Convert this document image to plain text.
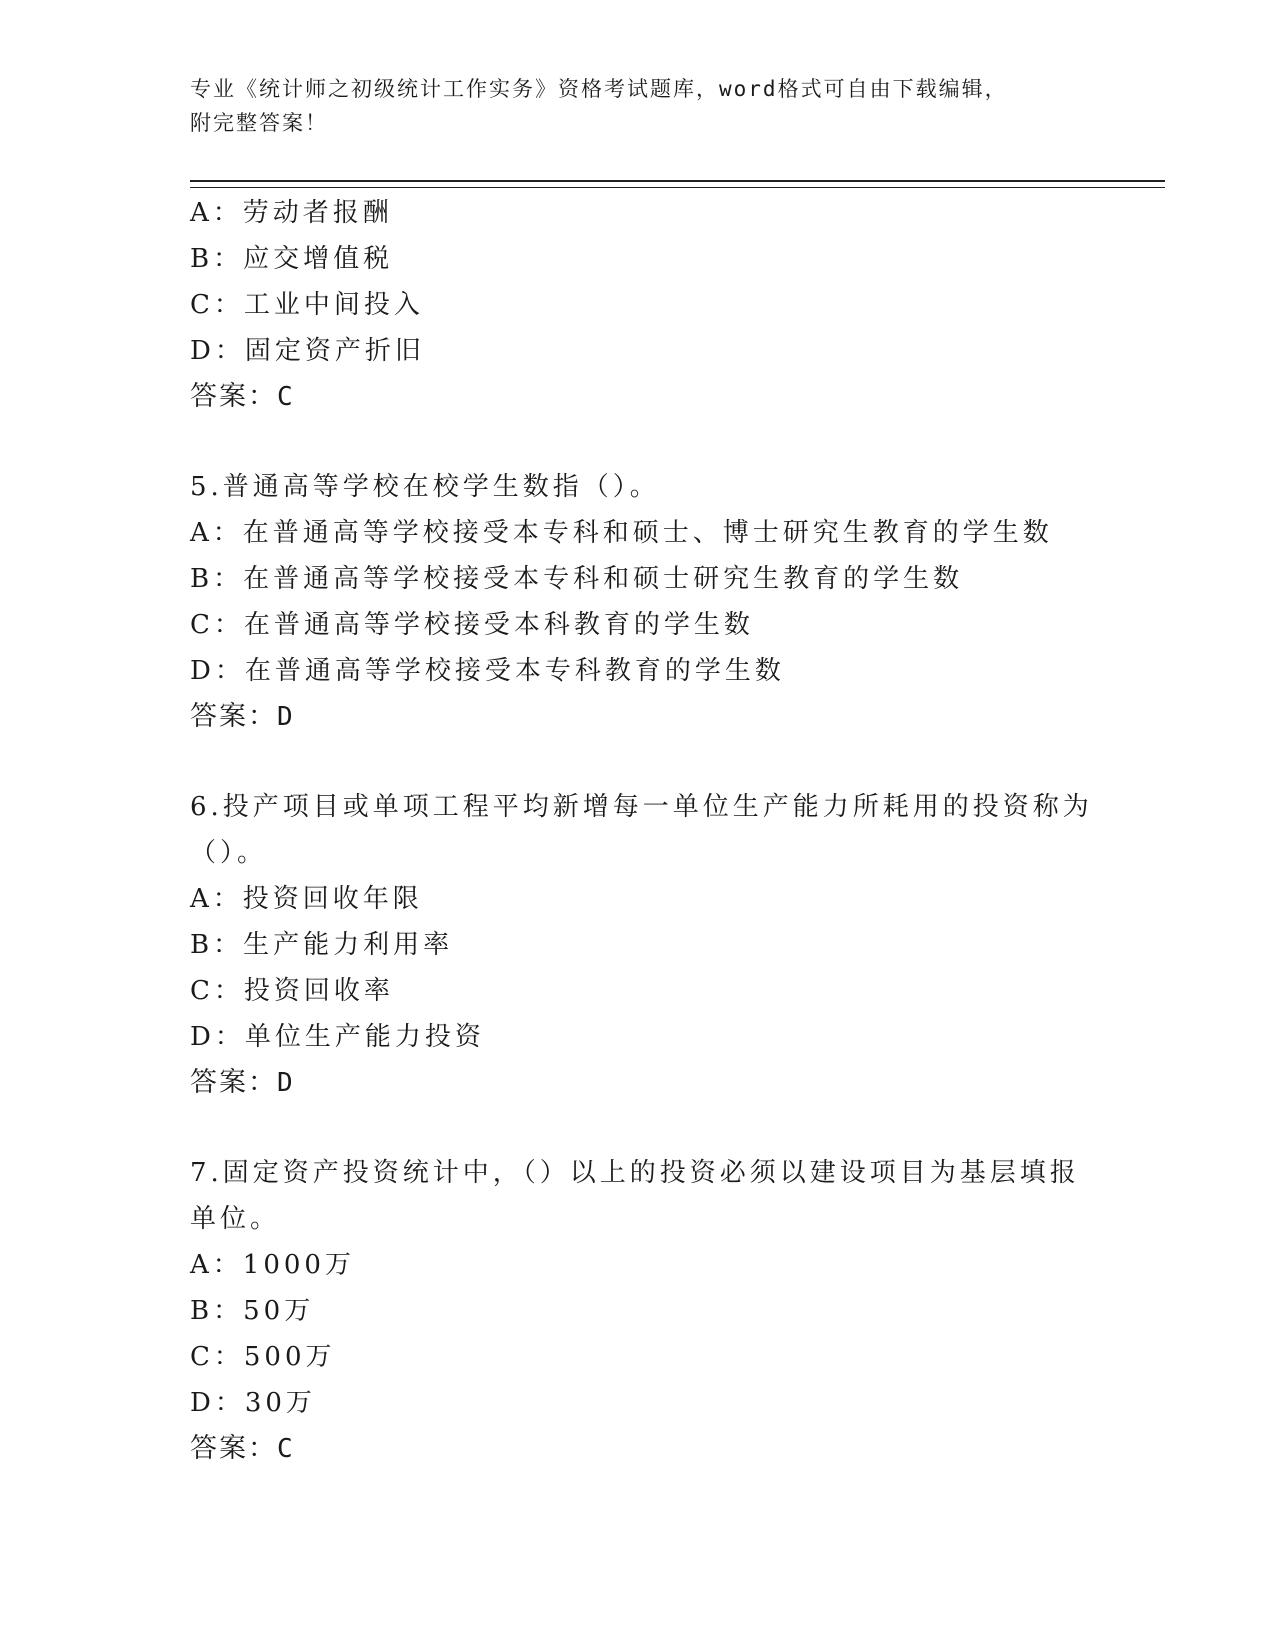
专业《统计师之初级统计工作实务》资格考试题库，word格式可自由下载编辑，
附完整答案！
A：劳动者报酬
B：应交增值税
C：工业中间投入
D：固定资产折旧
答案：C
5.普通高等学校在校学生数指（）。
A：在普通高等学校接受本专科和硕士、博士研究生教育的学生数
B：在普通高等学校接受本专科和硕士研究生教育的学生数
C：在普通高等学校接受本科教育的学生数
D：在普通高等学校接受本专科教育的学生数
答案：D
6.投产项目或单项工程平均新增每一单位生产能力所耗用的投资称为
（）。
A：投资回收年限
B：生产能力利用率
C：投资回收率
D：单位生产能力投资
答案：D
7.固定资产投资统计中，（）以上的投资必须以建设项目为基层填报
单位。
A：1000万
B：50万
C：500万
D：30万
答案：C
